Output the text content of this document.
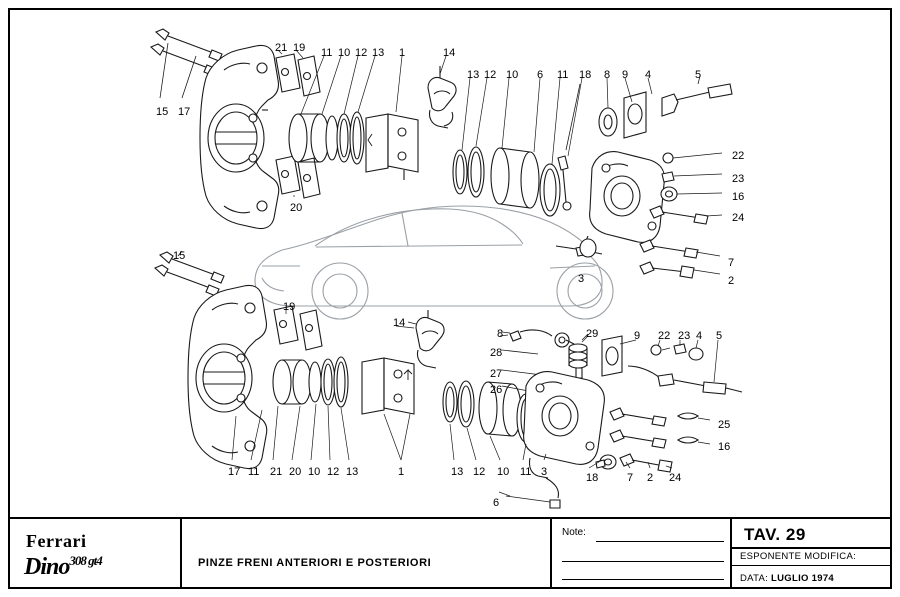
21 19 11 10 12 13 1	14
13 12 10 6 11 18 8 9 4	5
15 17
20
22
23
16
24
7
2
3
15
19
14
8	29	9 22 23 4 5
28
27
26
25
16
17 11 21 20 10 12 13	1	13 12 10 11 3
6
18	7 2 24
Ferrari
Dino$^{308 gt4}$	PINZE FRENI ANTERIORI E POSTERIORI
Note:	TAV. 29
ESPONENTE MODIFICA:
DATA: LUGLIO 1974
